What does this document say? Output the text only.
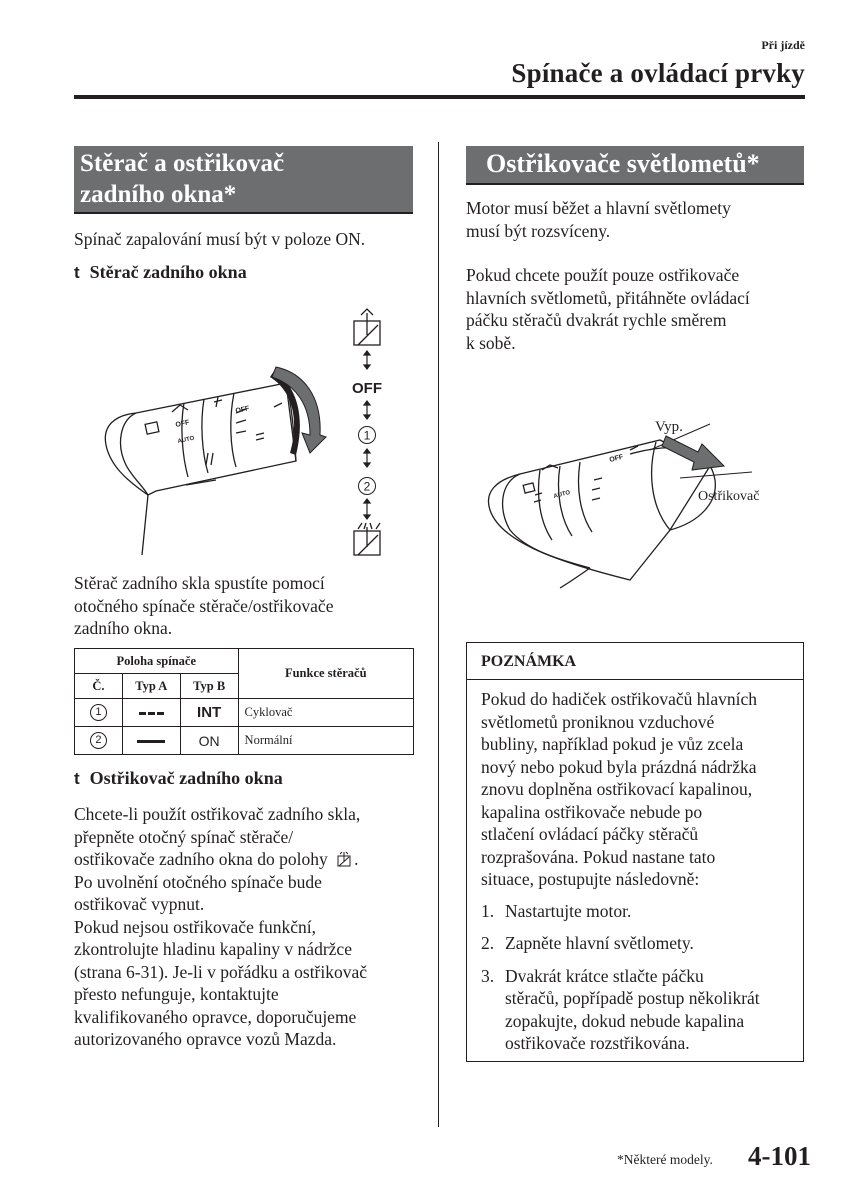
Při jízdě
Spínače a ovládací prvky
Stěrač a ostřikovač
zadního okna*
Spínač zapalování musí být v poloze ON.
t Stěrač zadního okna
OFF
AUTO
OFF
OFF
1
2
Stěrač zadního skla spustíte pomocí
otočného spínače stěrače/ostřikovače
zadního okna.
Poloha spínače			Funkce stěračů
Č.	Typ A	Typ B	
1		INT	Cyklovač
2		ON	Normální
t Ostřikovač zadního okna
Chcete-li použít ostřikovač zadního skla,
přepněte otočný spínač stěrače/
ostřikovače zadního okna do polohy .
Po uvolnění otočného spínače bude
ostřikovač vypnut.
Pokud nejsou ostřikovače funkční,
zkontrolujte hladinu kapaliny v nádržce
(strana 6-31). Je-li v pořádku a ostřikovač
přesto nefunguje, kontaktujte
kvalifikovaného opravce, doporučujeme
autorizovaného opravce vozů Mazda.
Ostřikovače světlometů*
Motor musí běžet a hlavní světlomety
musí být rozsvíceny.
Pokud chcete použít pouze ostřikovače
hlavních světlometů, přitáhněte ovládací
páčku stěračů dvakrát rychle směrem
k sobě.
OFF
AUTO
Vyp.
Ostřikovač
POZNÁMKA
Pokud do hadiček ostřikovačů hlavních
světlometů proniknou vzduchové
bubliny, například pokud je vůz zcela
nový nebo pokud byla prázdná nádržka
znovu doplněna ostřikovací kapalinou,
kapalina ostřikovače nebude po
stlačení ovládací páčky stěračů
rozprašována. Pokud nastane tato
situace, postupujte následovně:
1. Nastartujte motor.
2. Zapněte hlavní světlomety.
3. Dvakrát krátce stlačte páčku
stěračů, popřípadě postup několikrát
zopakujte, dokud nebude kapalina
ostřikovače rozstřikována.
*Některé modely. 4-101
